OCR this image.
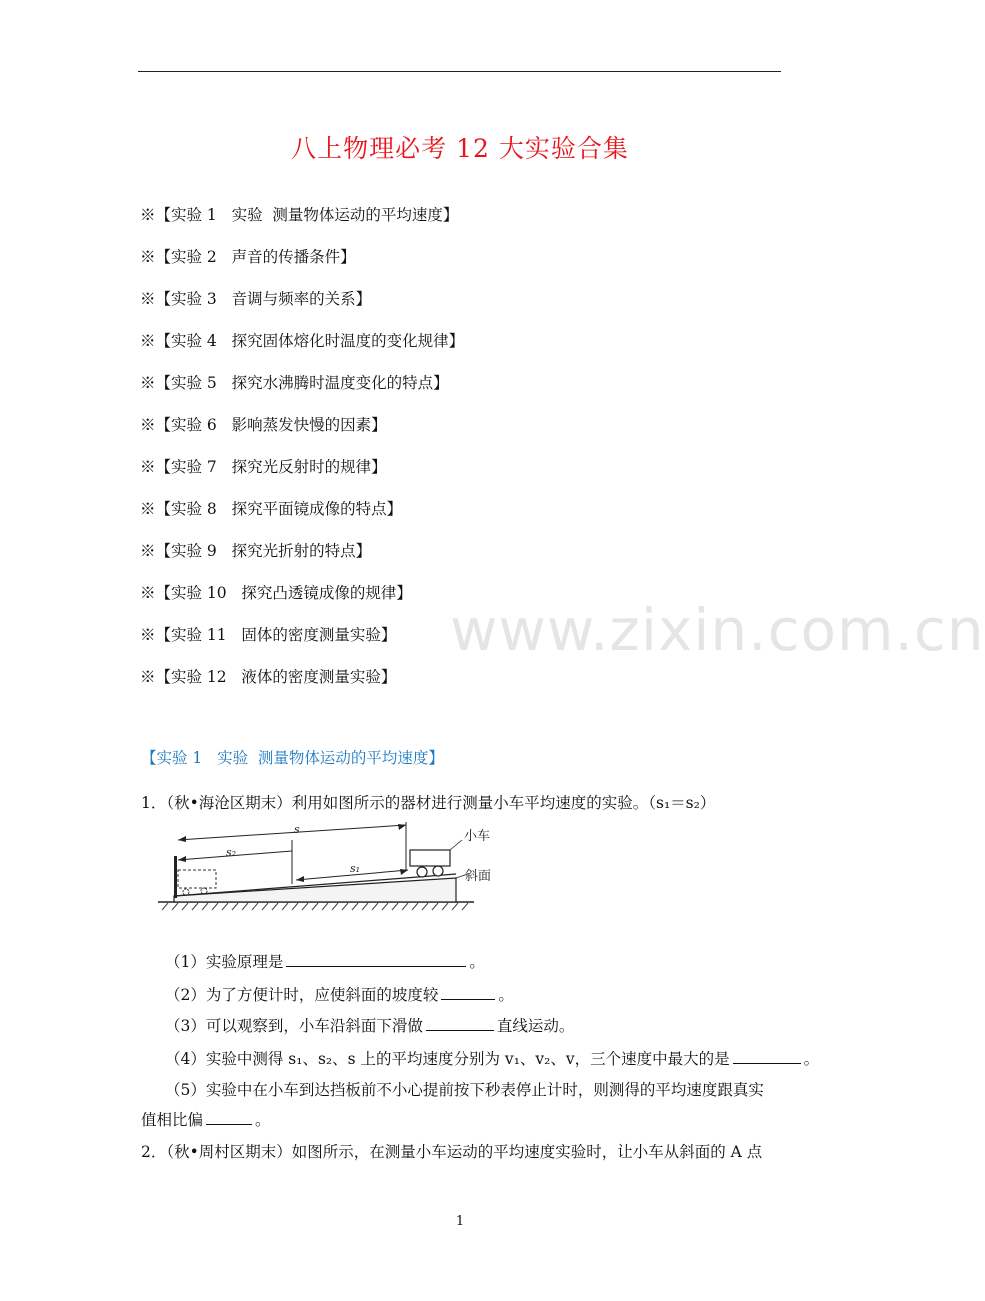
八上物理必考 12 大实验合集
※【实验 1   实验  测量物体运动的平均速度】
※【实验 2   声音的传播条件】
※【实验 3   音调与频率的关系】
※【实验 4   探究固体熔化时温度的变化规律】
※【实验 5   探究水沸腾时温度变化的特点】
※【实验 6   影响蒸发快慢的因素】
※【实验 7   探究光反射时的规律】
※【实验 8   探究平面镜成像的特点】
※【实验 9   探究光折射的特点】
※【实验 10   探究凸透镜成像的规律】
※【实验 11   固体的密度测量实验】
※【实验 12   液体的密度测量实验】
www.zixin.com.cn
【实验 1   实验  测量物体运动的平均速度】
1．（秋•海沧区期末）利用如图所示的器材进行测量小车平均速度的实验。（s₁＝s₂）
s
s₂
s₁
小车
斜面
（1）实验原理是	。
（2）为了方便计时，应使斜面的坡度较	。
（3）可以观察到，小车沿斜面下滑做	直线运动。
（4）实验中测得 s₁、s₂、s 上的平均速度分别为 v₁、v₂、v，三个速度中最大的是	。
（5）实验中在小车到达挡板前不小心提前按下秒表停止计时，则测得的平均速度跟真实
值相比偏	。
2．（秋•周村区期末）如图所示，在测量小车运动的平均速度实验时，让小车从斜面的 A 点
1
